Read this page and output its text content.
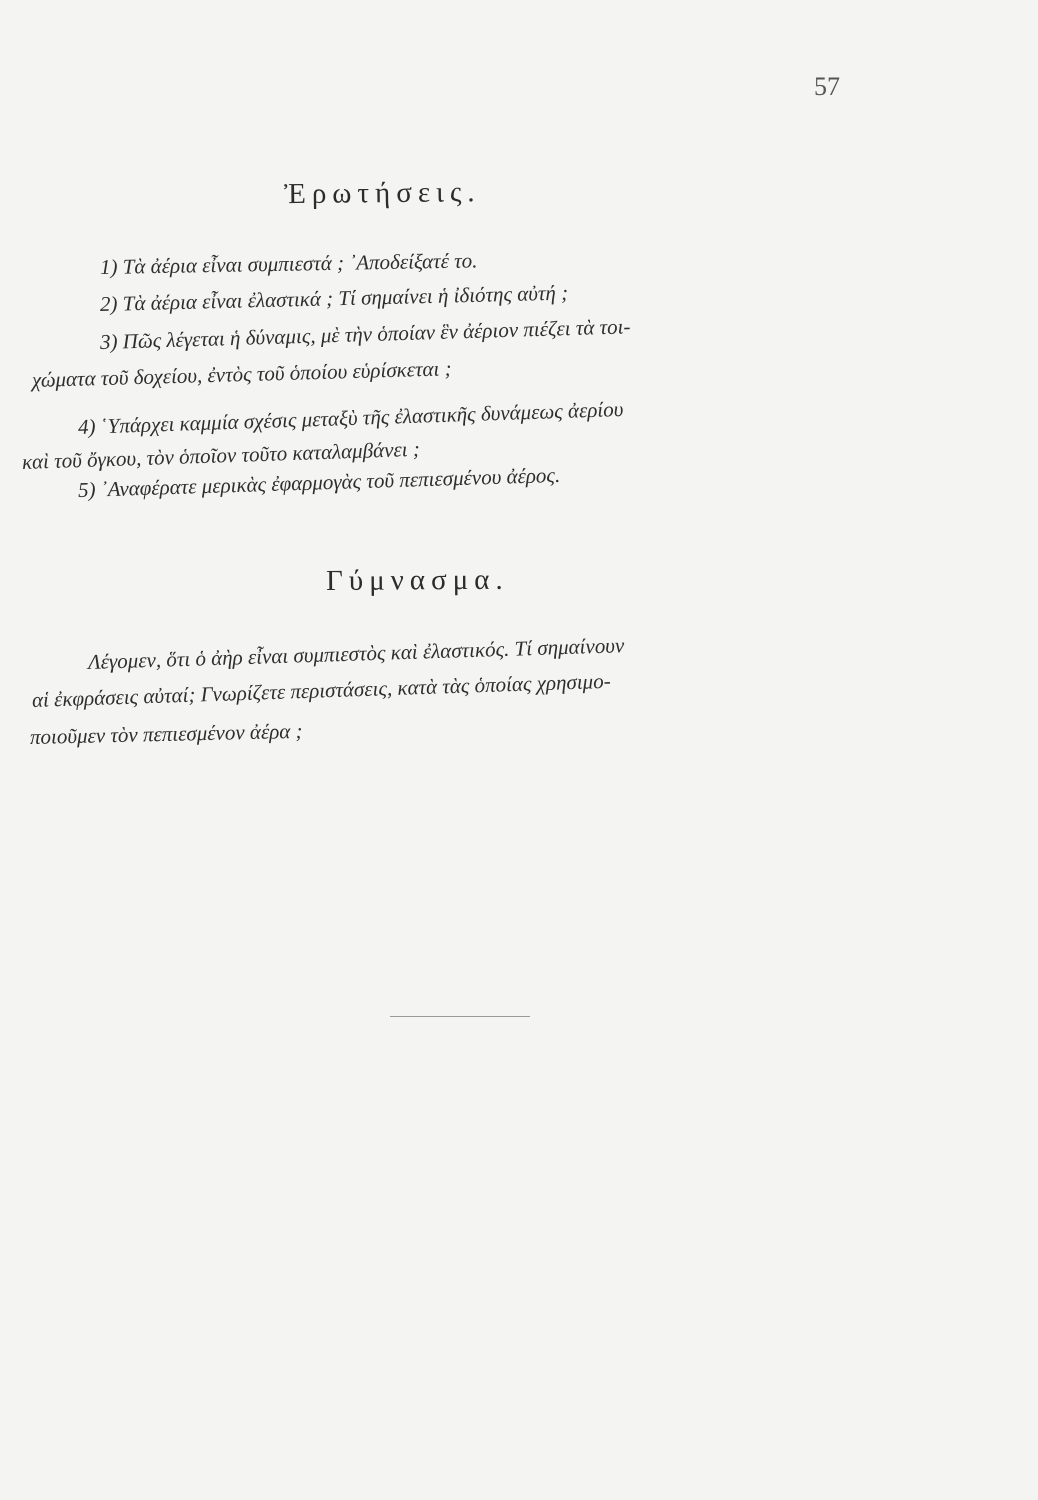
57
Ἐρωτήσεις.
1) Τὰ ἀέρια εἶναι συμπιεστά ; ᾿Αποδείξατέ το.
2) Τὰ ἀέρια εἶναι ἐλαστικά ; Τί σημαίνει ἡ ἰδιότης αὐτή ;
3) Πῶς λέγεται ἡ δύναμις, μὲ τὴν ὁποίαν ἓν ἀέριον πιέζει τὰ τοι-
χώματα τοῦ δοχείου, ἐντὸς τοῦ ὁποίου εὑρίσκεται ;
4) ῾Υπάρχει καμμία σχέσις μεταξὺ τῆς ἐλαστικῆς δυνάμεως ἀερίου
καὶ τοῦ ὄγκου, τὸν ὁποῖον τοῦτο καταλαμβάνει ;
5) ᾿Αναφέρατε μερικὰς ἐφαρμογὰς τοῦ πεπιεσμένου ἀέρος.
Γύμνασμα.
Λέγομεν, ὅτι ὁ ἀὴρ εἶναι συμπιεστὸς καὶ ἐλαστικός. Τί σημαίνουν
αἱ ἐκφράσεις αὐταί; Γνωρίζετε περιστάσεις, κατὰ τὰς ὁποίας χρησιμο-
ποιοῦμεν τὸν πεπιεσμένον ἀέρα ;
